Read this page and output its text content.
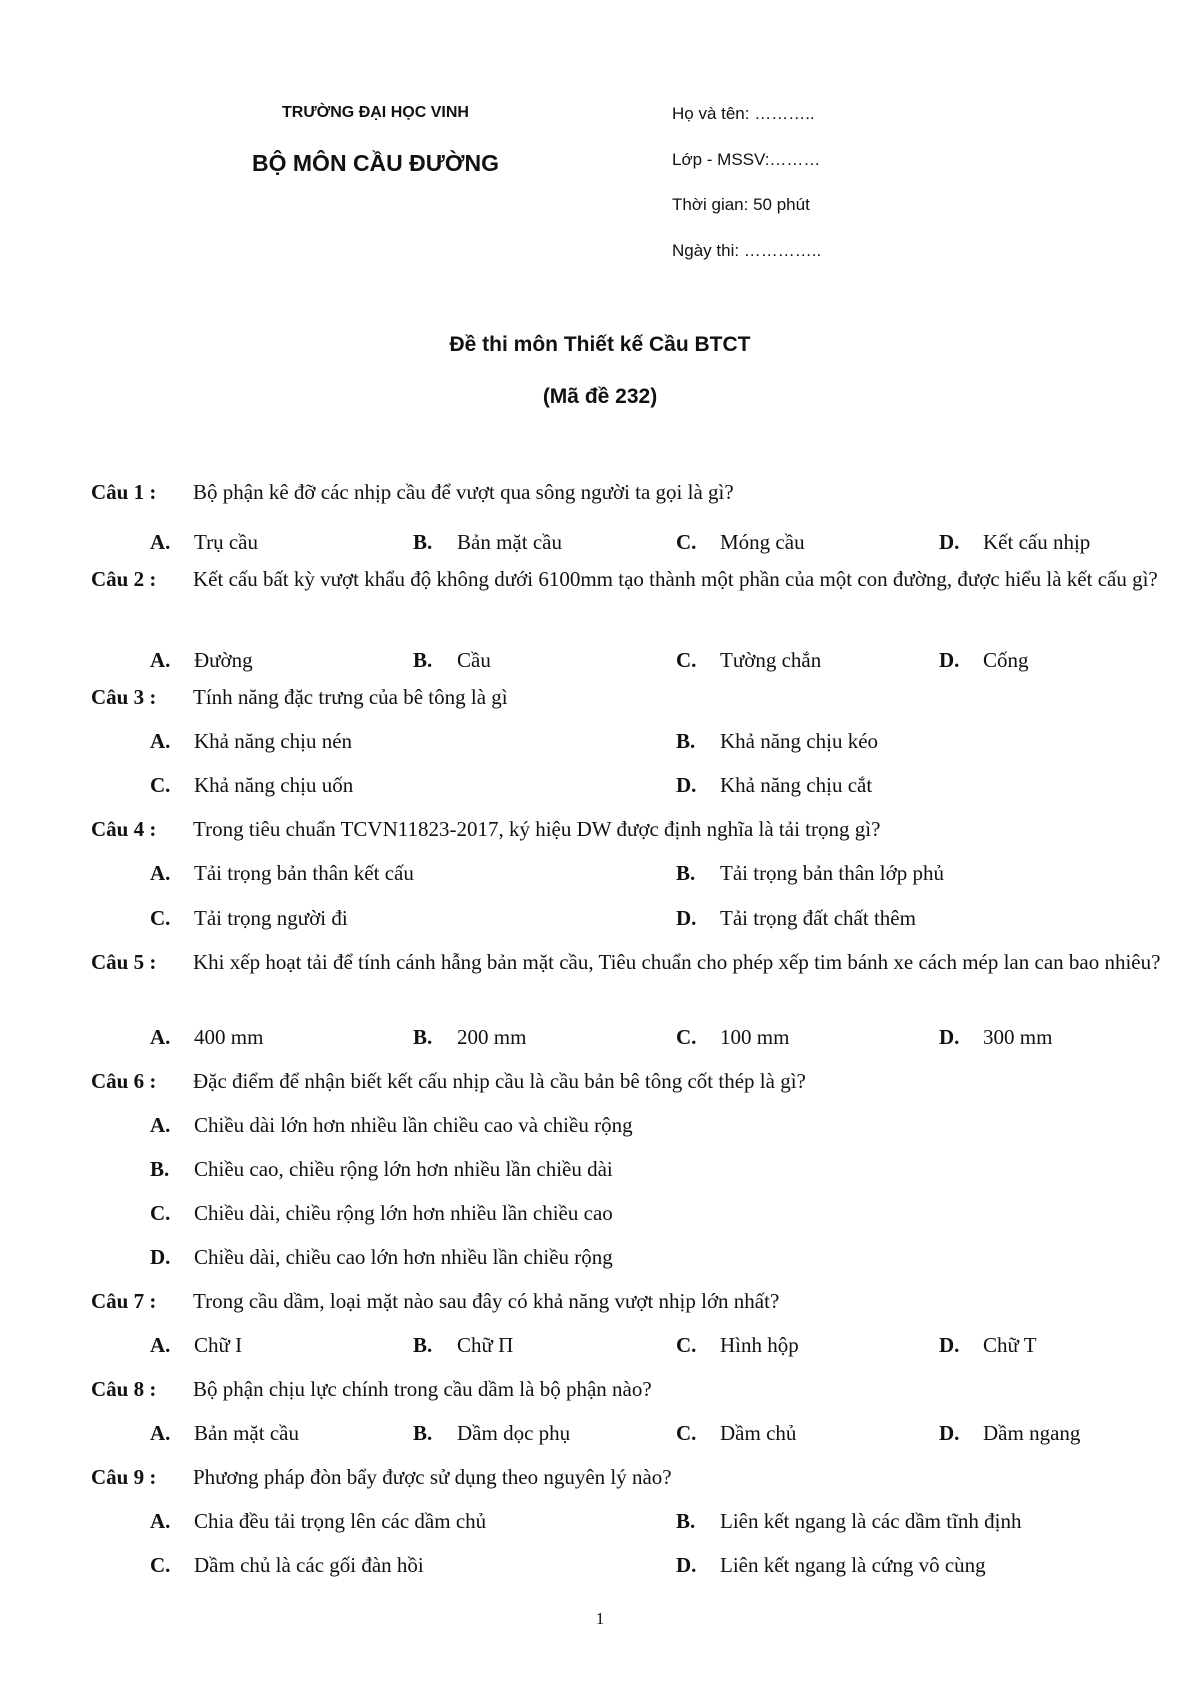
TRƯỜNG ĐẠI HỌC VINH
BỘ MÔN CẦU ĐƯỜNG
Họ và tên: ………..
Lớp - MSSV:………
Thời gian: 50 phút
Ngày thi: …………..
Đề thi môn Thiết kế Cầu BTCT
(Mã đề 232)
Câu 1 : Bộ phận kê đỡ các nhịp cầu để vượt qua sông người ta gọi là gì?
A. Trụ cầu	B. Bản mặt cầu	C. Móng cầu	D. Kết cấu nhịp
Câu 2 : Kết cấu bất kỳ vượt khẩu độ không dưới 6100mm tạo thành một phần của một con đường, được hiểu là kết cấu gì?
A. Đường	B. Cầu	C. Tường chắn	D. Cống
Câu 3 : Tính năng đặc trưng của bê tông là gì
A. Khả năng chịu nén	B. Khả năng chịu kéo
C. Khả năng chịu uốn	D. Khả năng chịu cắt
Câu 4 : Trong tiêu chuẩn TCVN11823-2017, ký hiệu DW được định nghĩa là tải trọng gì?
A. Tải trọng bản thân kết cấu	B. Tải trọng bản thân lớp phủ
C. Tải trọng người đi	D. Tải trọng đất chất thêm
Câu 5 : Khi xếp hoạt tải để tính cánh hẫng bản mặt cầu, Tiêu chuẩn cho phép xếp tim bánh xe cách mép lan can bao nhiêu?
A. 400 mm	B. 200 mm	C. 100 mm	D. 300 mm
Câu 6 : Đặc điểm để nhận biết kết cấu nhịp cầu là cầu bản bê tông cốt thép là gì?
A. Chiều dài lớn hơn nhiều lần chiều cao và chiều rộng
B. Chiều cao, chiều rộng lớn hơn nhiều lần chiều dài
C. Chiều dài, chiều rộng lớn hơn nhiều lần chiều cao
D. Chiều dài, chiều cao lớn hơn nhiều lần chiều rộng
Câu 7 : Trong cầu dầm, loại mặt nào sau đây có khả năng vượt nhịp lớn nhất?
A. Chữ I	B. Chữ Π	C. Hình hộp	D. Chữ T
Câu 8 : Bộ phận chịu lực chính trong cầu dầm là bộ phận nào?
A. Bản mặt cầu	B. Dầm dọc phụ	C. Dầm chủ	D. Dầm ngang
Câu 9 : Phương pháp đòn bẩy được sử dụng theo nguyên lý nào?
A. Chia đều tải trọng lên các dầm chủ	B. Liên kết ngang là các dầm tĩnh định
C. Dầm chủ là các gối đàn hồi	D. Liên kết ngang là cứng vô cùng
1
